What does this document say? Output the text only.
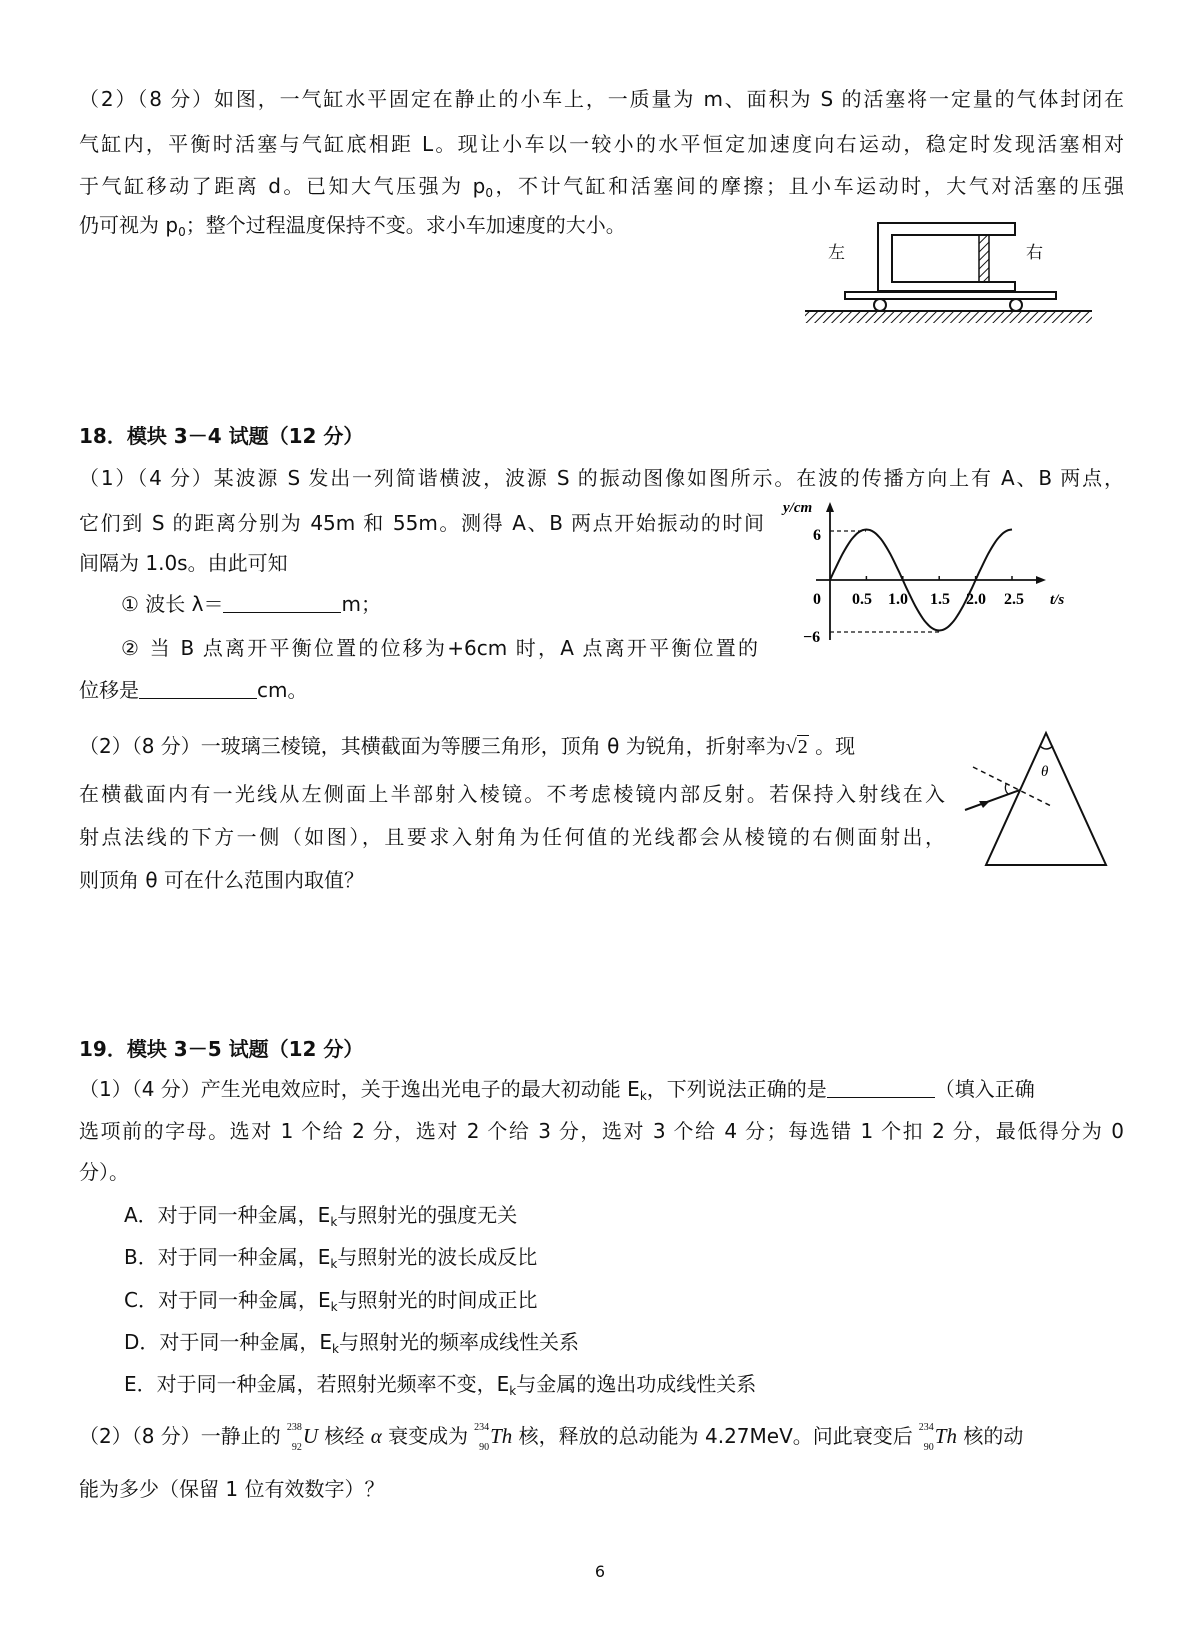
（2）（8 分）如图，一气缸水平固定在静止的小车上，一质量为 m、面积为 S 的活塞将一定量的气体封闭在
气缸内，平衡时活塞与气缸底相距 L。现让小车以一较小的水平恒定加速度向右运动，稳定时发现活塞相对
于气缸移动了距离 d。已知大气压强为 $p_0$，不计气缸和活塞间的摩擦；且小车运动时，大气对活塞的压强
仍可视为 $p_0$；整个过程温度保持不变。求小车加速度的大小。
左	右
18．模块 3－4 试题（12 分）
（1）（4 分）某波源 S 发出一列简谐横波，波源 S 的振动图像如图所示。在波的传播方向上有 A、B 两点，
它们到 S 的距离分别为 45m 和 55m。测得 A、B 两点开始振动的时间
间隔为 1.0s。由此可知
① 波长 λ＝	m；
② 当 B 点离开平衡位置的位移为+6cm 时，A 点离开平衡位置的
位移是	cm。
y/cm
t/s
6
−6
0 0.5 1.0 1.5 2.0 2.5
（2）（8 分）一玻璃三棱镜，其横截面为等腰三角形，顶角 θ 为锐角，折射率为√2 。现
在横截面内有一光线从左侧面上半部射入棱镜。不考虑棱镜内部反射。若保持入射线在入
射点法线的下方一侧（如图），且要求入射角为任何值的光线都会从棱镜的右侧面射出，
则顶角 θ 可在什么范围内取值？
θ
19．模块 3－5 试题（12 分）
（1）（4 分）产生光电效应时，关于逸出光电子的最大初动能 $E_k$，下列说法正确的是	（填入正确
选项前的字母。选对 1 个给 2 分，选对 2 个给 3 分，选对 3 个给 4 分；每选错 1 个扣 2 分，最低得分为 0
分）。
A．对于同一种金属，$E_k$与照射光的强度无关
B．对于同一种金属，$E_k$与照射光的波长成反比
C．对于同一种金属，$E_k$与照射光的时间成正比
D．对于同一种金属，$E_k$与照射光的频率成线性关系
E．对于同一种金属，若照射光频率不变，$E_k$与金属的逸出功成线性关系
（2）（8 分）一静止的 238
92 U 核经 α 衰变成为 234
90 Th 核，释放的总动能为 4.27MeV。问此衰变后 234
90 Th 核的动
能为多少（保留 1 位有效数字）？
6
